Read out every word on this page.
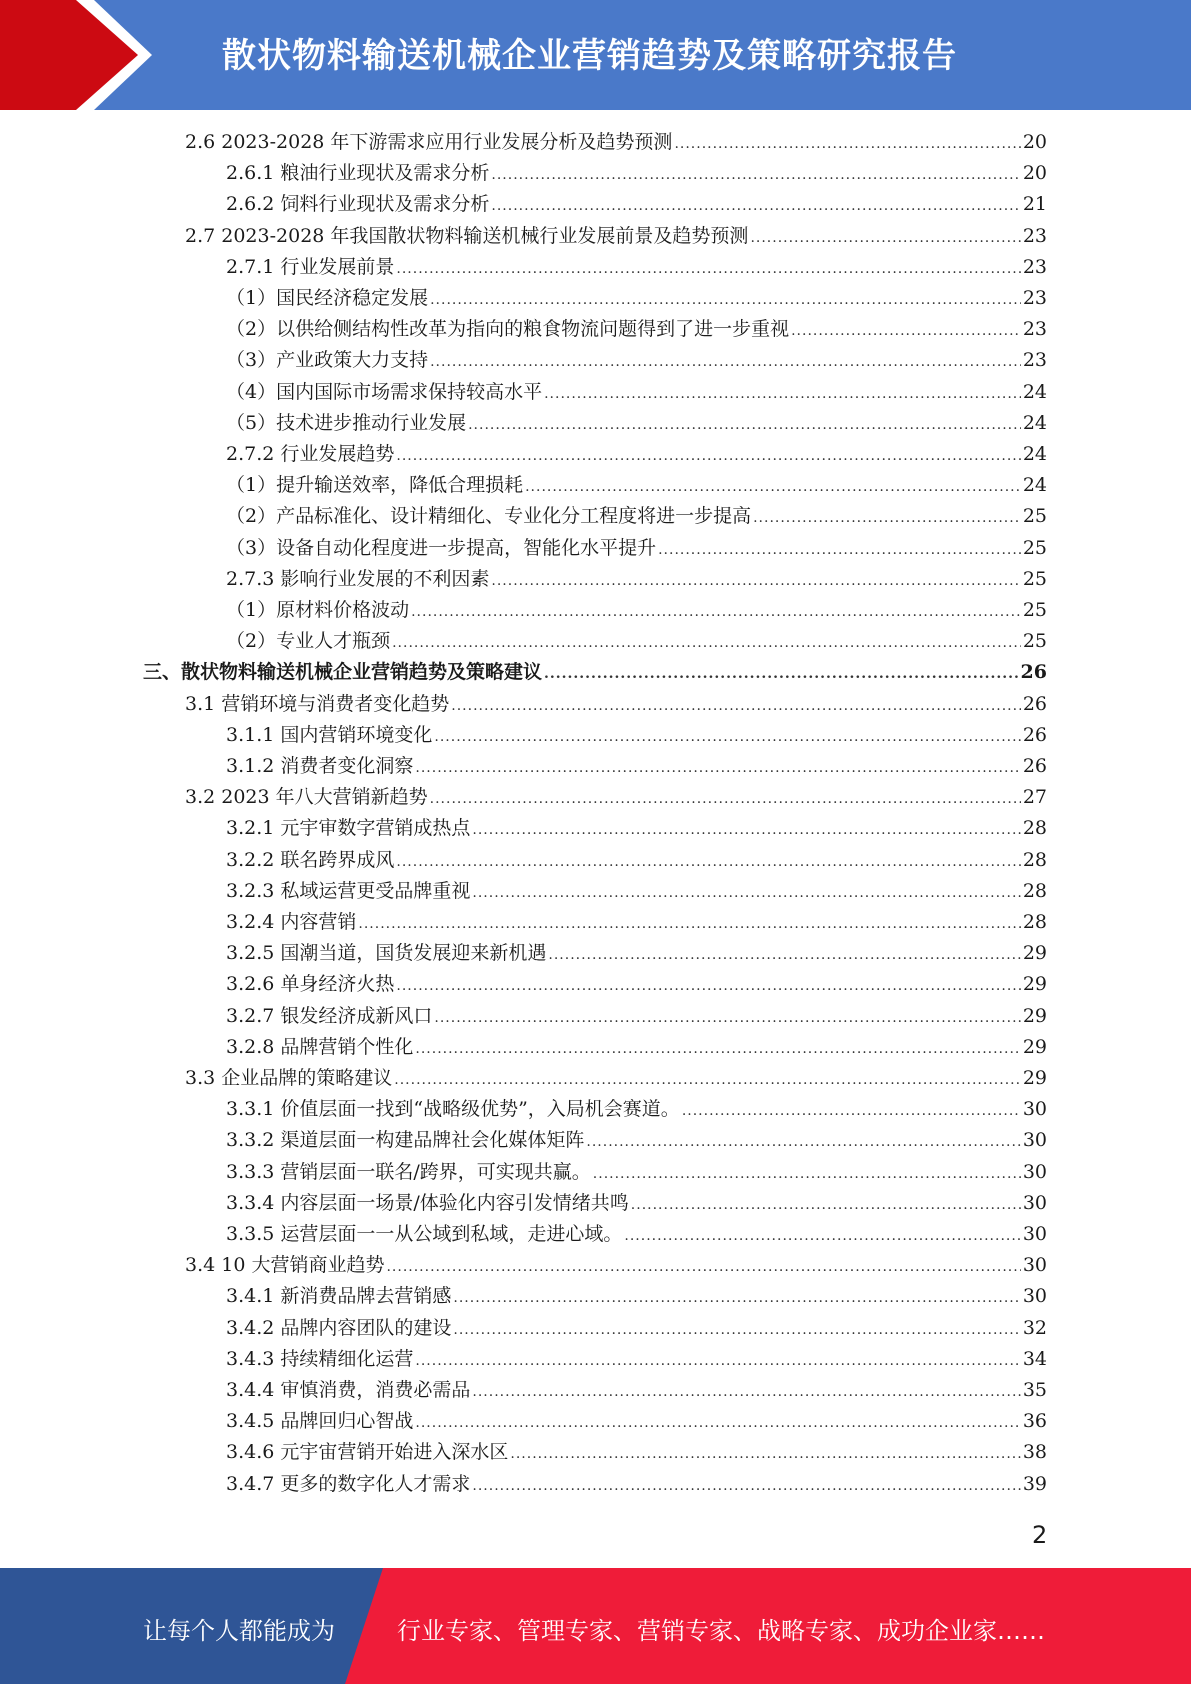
散状物料输送机械企业营销趋势及策略研究报告
2.6 2023-2028 年下游需求应用行业发展分析及趋势预测 .....	20
2.6.1 粮油行业现状及需求分析 .....	20
2.6.2 饲料行业现状及需求分析 .....	21
2.7 2023-2028 年我国散状物料输送机械行业发展前景及趋势预测 .....	23
2.7.1 行业发展前景 .....	23
（1）国民经济稳定发展 .....	23
（2）以供给侧结构性改革为指向的粮食物流问题得到了进一步重视 .....	23
（3）产业政策大力支持 .....	23
（4）国内国际市场需求保持较高水平 .....	24
（5）技术进步推动行业发展 .....	24
2.7.2 行业发展趋势 .....	24
（1）提升输送效率，降低合理损耗 .....	24
（2）产品标准化、设计精细化、专业化分工程度将进一步提高 .....	25
（3）设备自动化程度进一步提高，智能化水平提升 .....	25
2.7.3 影响行业发展的不利因素 .....	25
（1）原材料价格波动 .....	25
（2）专业人才瓶颈 .....	25
三、散状物料输送机械企业营销趋势及策略建议 .....	26
3.1 营销环境与消费者变化趋势 .....	26
3.1.1 国内营销环境变化 .....	26
3.1.2 消费者变化洞察 .....	26
3.2 2023 年八大营销新趋势 .....	27
3.2.1 元宇审数字营销成热点 .....	28
3.2.2 联名跨界成风 .....	28
3.2.3 私域运营更受品牌重视 .....	28
3.2.4 内容营销 .....	28
3.2.5 国潮当道，国货发展迎来新机遇 .....	29
3.2.6 单身经济火热 .....	29
3.2.7 银发经济成新风口 .....	29
3.2.8 品牌营销个性化 .....	29
3.3 企业品牌的策略建议 .....	29
3.3.1 价值层面一找到“战略级优势”，入局机会赛道。 .....	30
3.3.2 渠道层面一构建品牌社会化媒体矩阵 .....	30
3.3.3 营销层面一联名/跨界，可实现共赢。 .....	30
3.3.4 内容层面一场景/体验化内容引发情绪共鸣 .....	30
3.3.5 运营层面一一从公域到私域，走进心域。 .....	30
3.4 10 大营销商业趋势 .....	30
3.4.1 新消费品牌去营销感 .....	30
3.4.2 品牌内容团队的建设 .....	32
3.4.3 持续精细化运营 .....	34
3.4.4 审慎消费，消费必需品 .....	35
3.4.5 品牌回归心智战 .....	36
3.4.6 元宇宙营销开始进入深水区 .....	38
3.4.7 更多的数字化人才需求 .....	39
2
让每个人都能成为	行业专家、管理专家、营销专家、战略专家、成功企业家……
